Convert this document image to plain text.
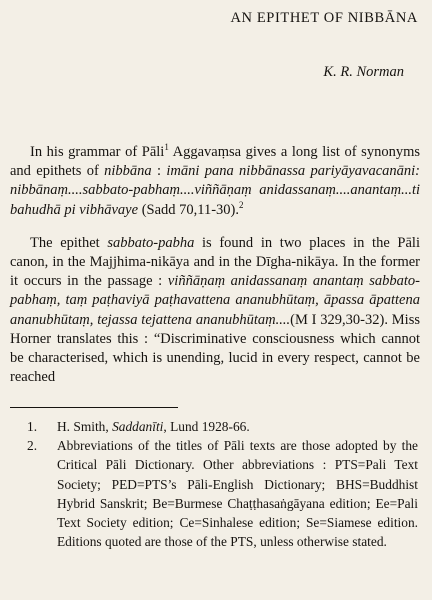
AN EPITHET OF NIBBĀNA
K. R. Norman

In his grammar of Pāli$^1$ Aggavaṃsa gives a long list of synonyms and epithets of nibbāna : imāni pana nibbānassa pariyāyavacanāni: nibbānaṃ....sabbato-pabhaṃ....viññāṇaṃ anidassanaṃ....anantaṃ...ti bahudhā pi vibhāvaye (Sadd 70,11-30).$^2$

The epithet sabbato-pabha is found in two places in the Pāli canon, in the Majjhima-nikāya and in the Dīgha-nikāya. In the former it occurs in the passage : viññāṇaṃ anidassanaṃ anantaṃ sabbato-pabhaṃ, taṃ paṭhaviyā paṭhavattena ananubhūtaṃ, āpassa āpattena ananubhūtaṃ, tejassa tejattena ananubhūtaṃ....(M I 329,30-32). Miss Horner translates this : “Discriminative consciousness which cannot be characterised, which is unending, lucid in every respect, cannot be reached

1. H. Smith, Saddanīti, Lund 1928-66.
2. Abbreviations of the titles of Pāli texts are those adopted by the Critical Pāli Dictionary. Other abbreviations : PTS=Pali Text Society; PED=PTS’s Pāli-English Dictionary; BHS=Buddhist Hybrid Sanskrit; Be=Burmese Chaṭṭhasaṅgāyana edition; Ee=Pali Text Society edition; Ce=Sinhalese edition; Se=Siamese edition. Editions quoted are those of the PTS, unless otherwise stated.
